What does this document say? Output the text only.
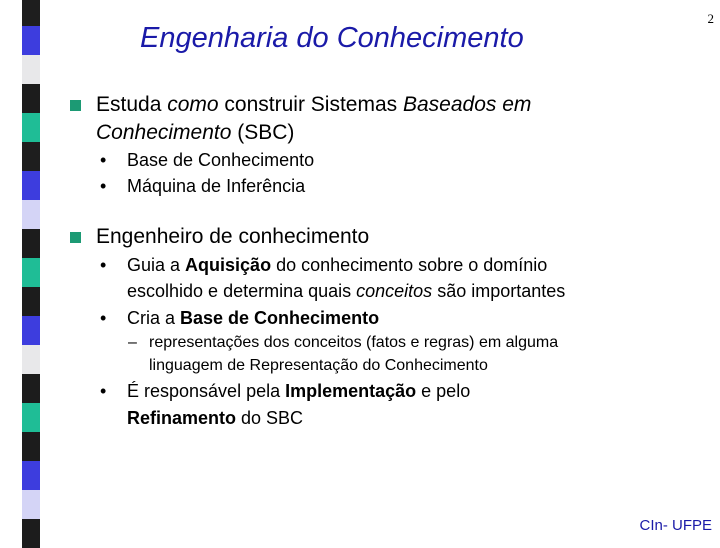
Engenharia do Conhecimento
2
Estuda como construir Sistemas Baseados em
Conhecimento (SBC)
• Base de Conhecimento
• Máquina de Inferência
Engenheiro de conhecimento
• Guia a Aquisição do conhecimento sobre o domínio
escolhido e determina quais conceitos são importantes
• Cria a Base de Conhecimento
– representações dos conceitos (fatos e regras) em alguma
linguagem de Representação do Conhecimento
• É responsável pela Implementação e pelo
Refinamento do SBC
CIn- UFPE
